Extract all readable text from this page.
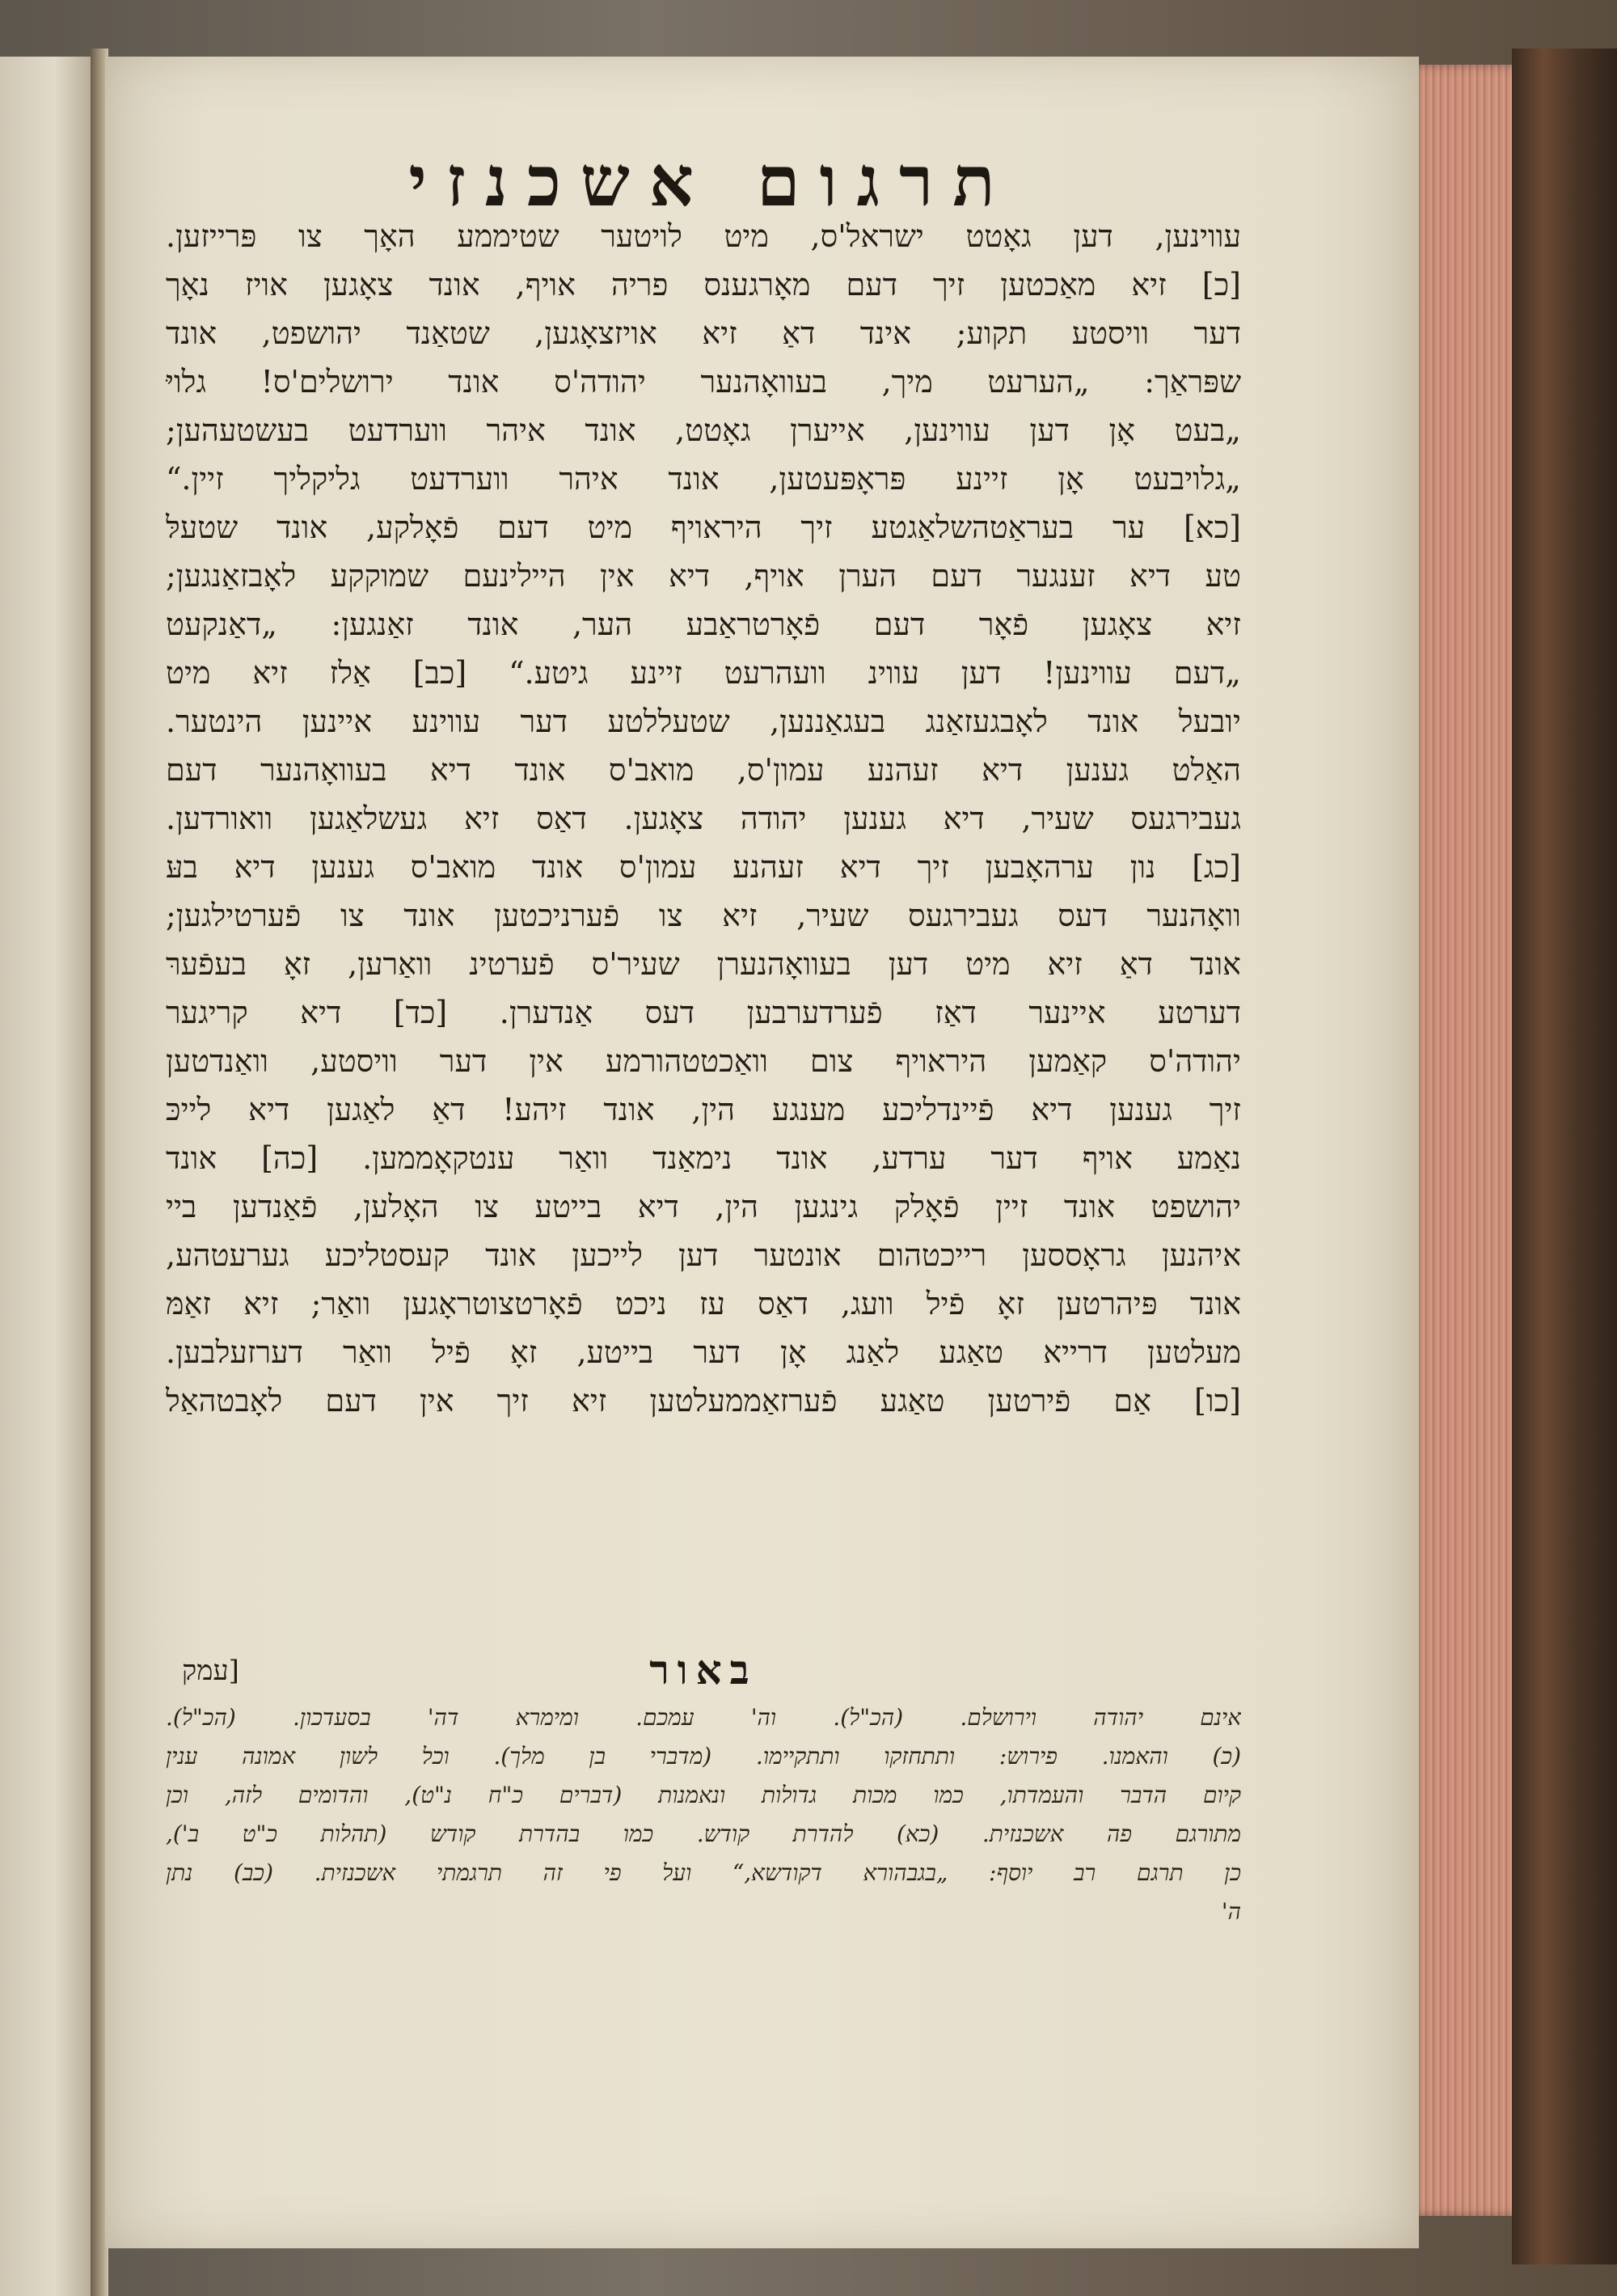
תרגום אשכנזי
עווינען, דען גאָטט ישראל'ס, מיט לויטער שטיממע האָך צו פּרייזען.
[כ] זיא מאַכטען זיך דעם מאָרגענס פריה אויף, אונד צאָגען אויז נאָך
דער וויסטע תקוע; אינד דאַ זיא אויזצאָגען, שטאַנד יהושפט, אונד
שפּראַך: „הערעט מיך, בעוואָהנער יהודה'ס אונד ירושלים'ס! גלויּ
„בעט אָן דען עווינען, אייערן גאָטט, אונד איהר ווערדעט בעשטעהען;
„גלויבעט אָן זיינע פּראָפּעטען, אונד איהר ווערדעט גליקליך זיין.“
[כא] ער בעראַטהשלאַגטע זיך היראויף מיט דעם פֿאָלקע, אונד שטעלּ
טע דיא זענגער דעם הערן אויף, דיא אין היילינעם שמוקקע לאָבזאַנגען;
זיא צאָגען פֿאָר דעם פֿאָרטראַבע הער, אונד זאַנגען: „דאַנקעט
„דעם עווינען! דען עווינ וועהרעט זיינע גיטע.“ [כב] אַלז זיא מיט
יובעל אונד לאָבגעזאַנג בעגאַננען, שטעללטע דער עווינע איינען הינטער.
האַלט גענען דיא זעהנע עמון'ס, מואב'ס אונד דיא בעוואָהנער דעם
געבירגעס שעיר, דיא גענען יהודה צאָגען. דאַס זיא געשלאַגען וואורדען.
[כג] נון ערהאָבען זיך דיא זעהנע עמון'ס אונד מואב'ס גענען דיא בעּ
וואָהנער דעס געבירגעס שעיר, זיא צו פֿערניכטען אונד צו פֿערטילגען;
אונד דאַ זיא מיט דען בעוואָהנערן שעיר'ס פֿערטינ וואַרען, זאָ בעפֿערּ
דערטע איינער דאַז פֿערדערבען דעס אַנדערן. [כד] דיא קריגער
יהודה'ס קאַמען היראויף צום וואַכטטהורמע אין דער וויסטע, וואַנדטען
זיך גענען דיא פֿיינדליכע מענגע הין, אונד זיהע! דאַ לאַגען דיא לייכּ
נאַמע אויף דער ערדע, אונד נימאַנד וואַר ענטקאָממען. [כה] אונד
יהושפט אונד זיין פֿאָלק גינגען הין, דיא בייטע צו האָלען, פֿאַנדען ביי
איהנען גראָססען רייכטהום אונטער דען לייכען אונד קעסטליכע גערעטהע,
אונד פּיהרטען זאָ פֿיל וועג, דאַס עז ניכט פֿאָרטצוטראָגען וואַר; זיא זאַמּ
מעלטען דרייא טאַגע לאַנג אָן דער בייטע, זאָ פֿיל וואַר דערזעלבען.
[כו] אַם פֿירטען טאַגע פֿערזאַממעלטען זיא זיך אין דעם לאָבטהאַל
באור
[עמק
אינם יהודה וירושלם. (הכ"ל). וה' עמכם. ומימרא דה' בסעדכון. (הכ"ל).
(כ) והאמנו. פירוש: ותתחזקו ותתקיימו. (מדברי בן מלך). וכל לשון אמונה ענין
קיום הדבר והעמדתו, כמו מכות גדולות ונאמנות (דברים כ"ח נ"ט), והדומים לזה, וכן
מתורגם פה אשכנזית. (כא) להדרת קודש. כמו בהדרת קודש (תהלות כ"ט ב'),
כן תרגם רב יוסף: „בגבהורא דקודשא,“ ועל פי זה תרגמתי אשכנזית. (כב) נתן
ה'
